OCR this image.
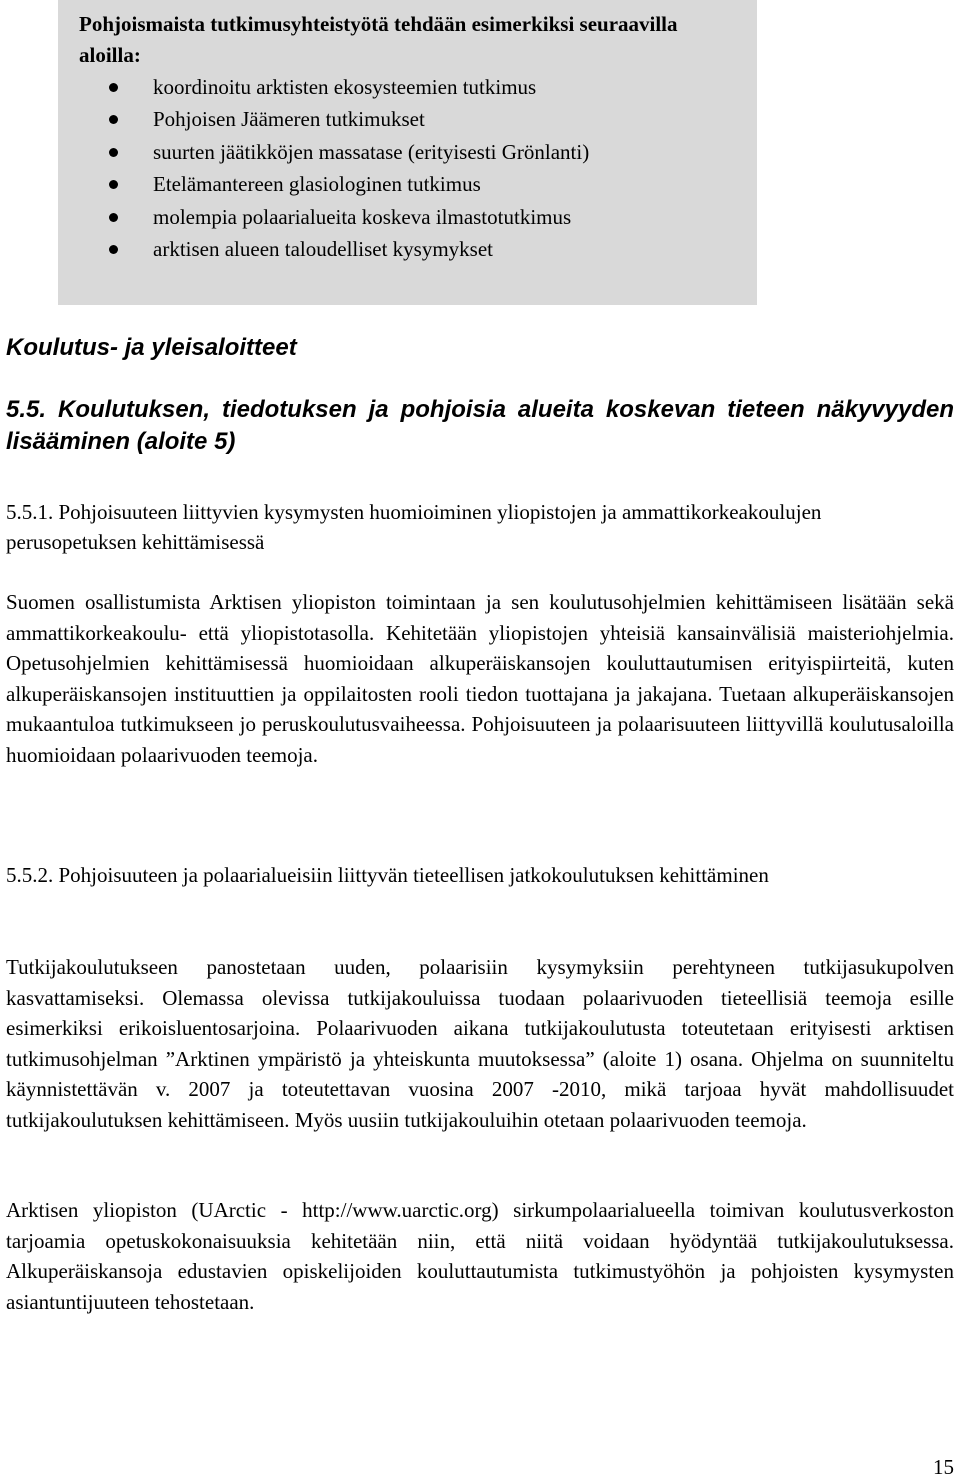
Pohjoismaista tutkimusyhteistyötä tehdään esimerkiksi seuraavilla aloilla:
koordinoitu arktisten ekosysteemien tutkimus
Pohjoisen Jäämeren tutkimukset
suurten jäätikköjen massatase (erityisesti Grönlanti)
Etelämantereen glasiologinen tutkimus
molempia polaarialueita koskeva ilmastotutkimus
arktisen alueen taloudelliset kysymykset
Koulutus- ja yleisaloitteet
5.5. Koulutuksen, tiedotuksen ja pohjoisia alueita koskevan tieteen näkyvyyden lisääminen (aloite 5)

5.5.1. Pohjoisuuteen liittyvien kysymysten huomioiminen yliopistojen ja ammattikorkeakoulujen perusopetuksen kehittämisessä

Suomen osallistumista Arktisen yliopiston toimintaan ja sen koulutusohjelmien kehittämiseen lisätään sekä ammattikorkeakoulu- että yliopistotasolla. Kehitetään yliopistojen yhteisiä kansainvälisiä maisteriohjelmia. Opetusohjelmien kehittämisessä huomioidaan alkuperäiskansojen kouluttautumisen erityispiirteitä, kuten alkuperäiskansojen instituuttien ja oppilaitosten rooli tiedon tuottajana ja jakajana. Tuetaan alkuperäiskansojen mukaantuloa tutkimukseen jo peruskoulutusvaiheessa. Pohjoisuuteen ja polaarisuuteen liittyvillä koulutusaloilla huomioidaan polaarivuoden teemoja.

5.5.2. Pohjoisuuteen ja polaarialueisiin liittyvän tieteellisen jatkokoulutuksen kehittäminen

Tutkijakoulutukseen panostetaan uuden, polaarisiin kysymyksiin perehtyneen tutkijasukupolven kasvattamiseksi. Olemassa olevissa tutkijakouluissa tuodaan polaarivuoden tieteellisiä teemoja esille esimerkiksi erikoisluentosarjoina. Polaarivuoden aikana tutkijakoulutusta toteutetaan erityisesti arktisen tutkimusohjelman ”Arktinen ympäristö ja yhteiskunta muutoksessa” (aloite 1) osana. Ohjelma on suunniteltu käynnistettävän v. 2007 ja toteutettavan vuosina 2007 -2010, mikä tarjoaa hyvät mahdollisuudet tutkijakoulutuksen kehittämiseen. Myös uusiin tutkijakouluihin otetaan polaarivuoden teemoja.

Arktisen yliopiston (UArctic - http://www.uarctic.org) sirkumpolaarialueella toimivan koulutusverkoston tarjoamia opetuskokonaisuuksia kehitetään niin, että niitä voidaan hyödyntää tutkijakoulutuksessa. Alkuperäiskansoja edustavien opiskelijoiden kouluttautumista tutkimustyöhön ja pohjoisten kysymysten asiantuntijuuteen tehostetaan.

15
